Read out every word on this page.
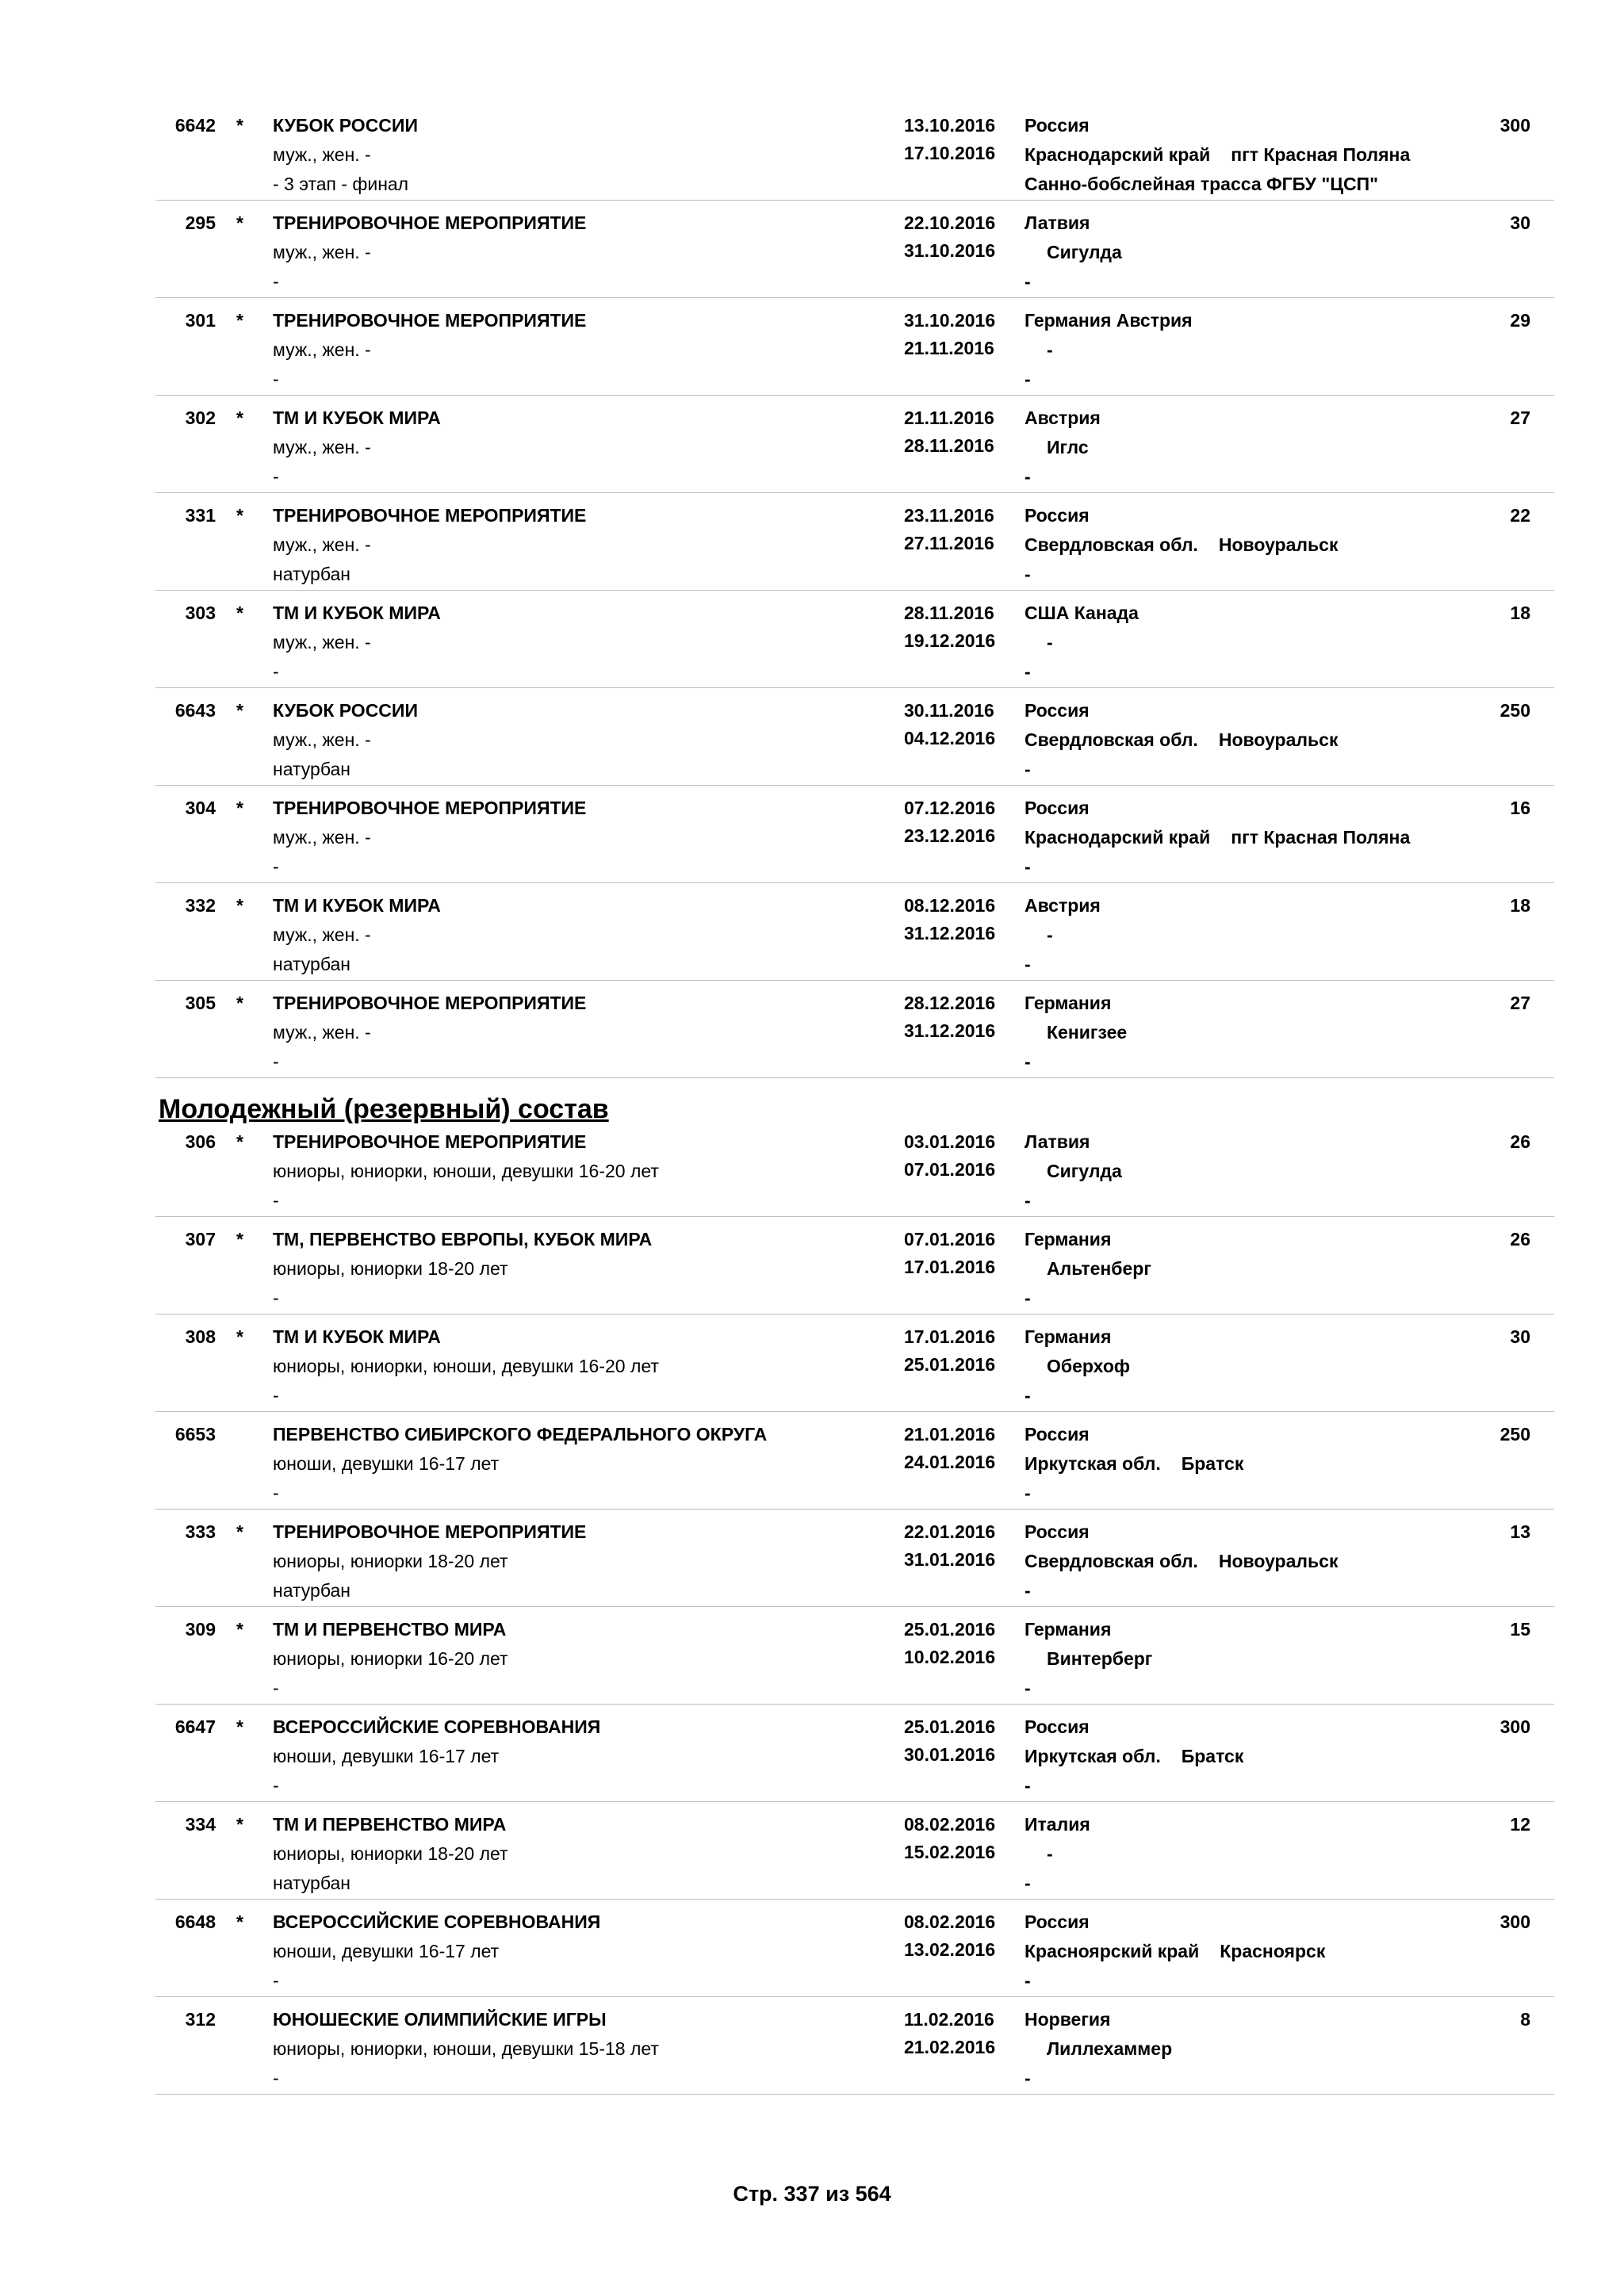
6642 * КУБОК РОССИИ
муж., жен. -
- 3 этап - финал
13.10.2016
17.10.2016
Россия
Санно-бобслейная трасса ФГБУ "ЦСП"
300
Краснодарский край пгт Красная Поляна
295 * ТРЕНИРОВОЧНОЕ МЕРОПРИЯТИЕ
муж., жен. -
-
22.10.2016
31.10.2016
Латвия
-
30
Сигулда
301 * ТРЕНИРОВОЧНОЕ МЕРОПРИЯТИЕ
муж., жен. -
-
31.10.2016
21.11.2016
Германия Австрия
-
29
-
302 * ТМ И КУБОК МИРА
муж., жен. -
-
21.11.2016
28.11.2016
Австрия
-
27
Иглс
331 * ТРЕНИРОВОЧНОЕ МЕРОПРИЯТИЕ
муж., жен. -
натурбан
23.11.2016
27.11.2016
Россия
-
22
Свердловская обл. Новоуральск
303 * ТМ И КУБОК МИРА
муж., жен. -
-
28.11.2016
19.12.2016
США Канада
-
18
-
6643 * КУБОК РОССИИ
муж., жен. -
натурбан
30.11.2016
04.12.2016
Россия
-
250
Свердловская обл. Новоуральск
304 * ТРЕНИРОВОЧНОЕ МЕРОПРИЯТИЕ
муж., жен. -
-
07.12.2016
23.12.2016
Россия
-
16
Краснодарский край пгт Красная Поляна
332 * ТМ И КУБОК МИРА
муж., жен. -
натурбан
08.12.2016
31.12.2016
Австрия
-
18
-
305 * ТРЕНИРОВОЧНОЕ МЕРОПРИЯТИЕ
муж., жен. -
-
28.12.2016
31.12.2016
Германия
-
27
Кенигзее
Молодежный (резервный) состав
306 * ТРЕНИРОВОЧНОЕ МЕРОПРИЯТИЕ
юниоры, юниорки, юноши, девушки 16-20 лет
-
03.01.2016
07.01.2016
Латвия
-
26
Сигулда
307 * ТМ, ПЕРВЕНСТВО ЕВРОПЫ, КУБОК МИРА
юниоры, юниорки 18-20 лет
-
07.01.2016
17.01.2016
Германия
-
26
Альтенберг
308 * ТМ И КУБОК МИРА
юниоры, юниорки, юноши, девушки 16-20 лет
-
17.01.2016
25.01.2016
Германия
-
30
Оберхоф
6653	ПЕРВЕНСТВО СИБИРСКОГО ФЕДЕРАЛЬНОГО ОКРУГА
юноши, девушки 16-17 лет
-
21.01.2016
24.01.2016
Россия
-
250
Иркутская обл. Братск
333 * ТРЕНИРОВОЧНОЕ МЕРОПРИЯТИЕ
юниоры, юниорки 18-20 лет
натурбан
22.01.2016
31.01.2016
Россия
-
13
Свердловская обл. Новоуральск
309 * ТМ И ПЕРВЕНСТВО МИРА
юниоры, юниорки 16-20 лет
-
25.01.2016
10.02.2016
Германия
-
15
Винтерберг
6647 * ВСЕРОССИЙСКИЕ СОРЕВНОВАНИЯ
юноши, девушки 16-17 лет
-
25.01.2016
30.01.2016
Россия
-
300
Иркутская обл. Братск
334 * ТМ И ПЕРВЕНСТВО МИРА
юниоры, юниорки 18-20 лет
натурбан
08.02.2016
15.02.2016
Италия
-
12
-
6648 * ВСЕРОССИЙСКИЕ СОРЕВНОВАНИЯ
юноши, девушки 16-17 лет
-
08.02.2016
13.02.2016
Россия
-
300
Красноярский край Красноярск
312	ЮНОШЕСКИЕ ОЛИМПИЙСКИЕ ИГРЫ
юниоры, юниорки, юноши, девушки 15-18 лет
-
11.02.2016
21.02.2016
Норвегия
-
8
Лиллехаммер
Стр. 337 из 564
